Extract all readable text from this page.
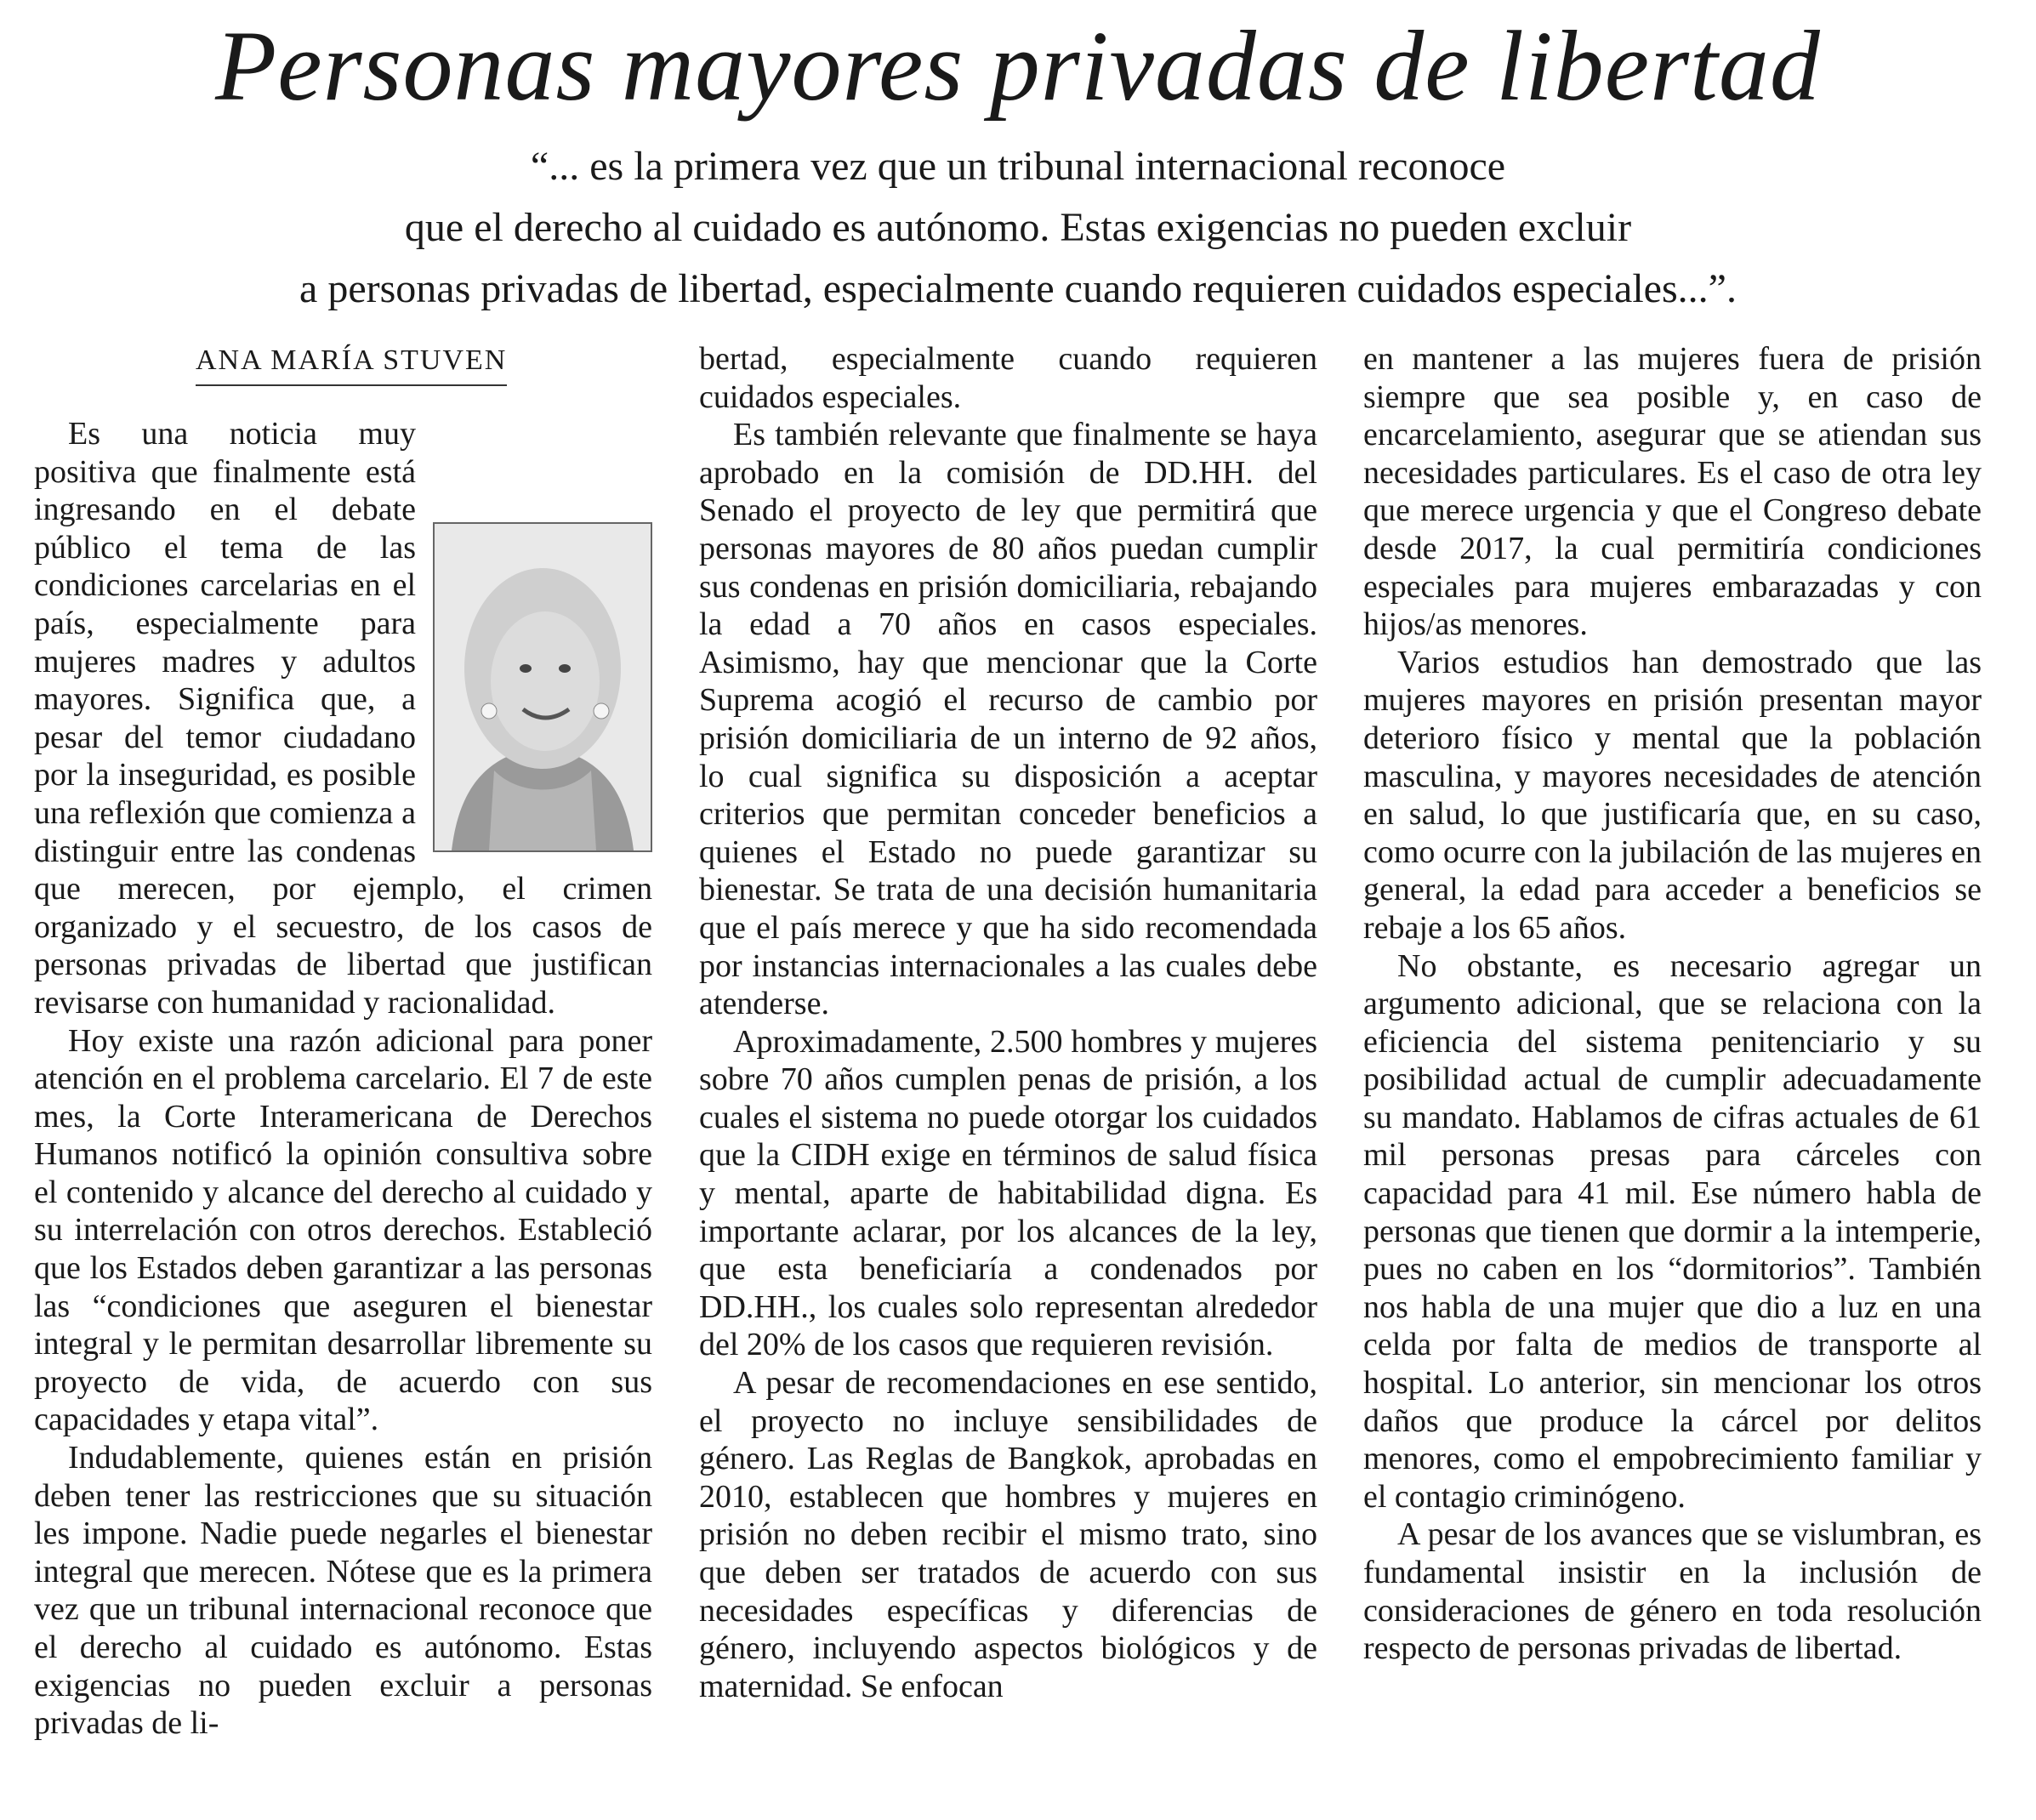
Personas mayores privadas de libertad
“... es la primera vez que un tribunal internacional reconoce
que el derecho al cuidado es autónomo. Estas exigencias no pueden excluir
a personas privadas de libertad, especialmente cuando requieren cuidados especiales...”.
ANA MARÍA STUVEN

Es una noticia muy positiva que finalmente está ingresando en el debate público el tema de las condiciones carcelarias en el país, especialmente para mujeres madres y adultos mayores. Significa que, a pesar del temor ciudadano por la inseguridad, es posible una reflexión que comienza a distinguir entre las condenas que merecen, por ejemplo, el crimen organizado y el secuestro, de los casos de personas privadas de libertad que justifican revisarse con humanidad y racionalidad.

Hoy existe una razón adicional para poner atención en el problema carcelario. El 7 de este mes, la Corte Interamericana de Derechos Humanos notificó la opinión consultiva sobre el contenido y alcance del derecho al cuidado y su interrelación con otros derechos. Estableció que los Estados deben garantizar a las personas las “condiciones que aseguren el bienestar integral y le permitan desarrollar libremente su proyecto de vida, de acuerdo con sus capacidades y etapa vital”.

Indudablemente, quienes están en prisión deben tener las restricciones que su situación les impone. Nadie puede negarles el bienestar integral que merecen. Nótese que es la primera vez que un tribunal internacional reconoce que el derecho al cuidado es autónomo. Estas exigencias no pueden excluir a personas privadas de li-

bertad, especialmente cuando requieren cuidados especiales.

Es también relevante que finalmente se haya aprobado en la comisión de DD.HH. del Senado el proyecto de ley que permitirá que personas mayores de 80 años puedan cumplir sus condenas en prisión domiciliaria, rebajando la edad a 70 años en casos especiales. Asimismo, hay que mencionar que la Corte Suprema acogió el recurso de cambio por prisión domiciliaria de un interno de 92 años, lo cual significa su disposición a aceptar criterios que permitan conceder beneficios a quienes el Estado no puede garantizar su bienestar. Se trata de una decisión humanitaria que el país merece y que ha sido recomendada por instancias internacionales a las cuales debe atenderse.

Aproximadamente, 2.500 hombres y mujeres sobre 70 años cumplen penas de prisión, a los cuales el sistema no puede otorgar los cuidados que la CIDH exige en términos de salud física y mental, aparte de habitabilidad digna. Es importante aclarar, por los alcances de la ley, que esta beneficiaría a condenados por DD.HH., los cuales solo representan alrededor del 20% de los casos que requieren revisión.

A pesar de recomendaciones en ese sentido, el proyecto no incluye sensibilidades de género. Las Reglas de Bangkok, aprobadas en 2010, establecen que hombres y mujeres en prisión no deben recibir el mismo trato, sino que deben ser tratados de acuerdo con sus necesidades específicas y diferencias de género, incluyendo aspectos biológicos y de maternidad. Se enfocan

en mantener a las mujeres fuera de prisión siempre que sea posible y, en caso de encarcelamiento, asegurar que se atiendan sus necesidades particulares. Es el caso de otra ley que merece urgencia y que el Congreso debate desde 2017, la cual permitiría condiciones especiales para mujeres embarazadas y con hijos/as menores.

Varios estudios han demostrado que las mujeres mayores en prisión presentan mayor deterioro físico y mental que la población masculina, y mayores necesidades de atención en salud, lo que justificaría que, en su caso, como ocurre con la jubilación de las mujeres en general, la edad para acceder a beneficios se rebaje a los 65 años.

No obstante, es necesario agregar un argumento adicional, que se relaciona con la eficiencia del sistema penitenciario y su posibilidad actual de cumplir adecuadamente su mandato. Hablamos de cifras actuales de 61 mil personas presas para cárceles con capacidad para 41 mil. Ese número habla de personas que tienen que dormir a la intemperie, pues no caben en los “dormitorios”. También nos habla de una mujer que dio a luz en una celda por falta de medios de transporte al hospital. Lo anterior, sin mencionar los otros daños que produce la cárcel por delitos menores, como el empobrecimiento familiar y el contagio criminógeno.

A pesar de los avances que se vislumbran, es fundamental insistir en la inclusión de consideraciones de género en toda resolución respecto de personas privadas de libertad.
